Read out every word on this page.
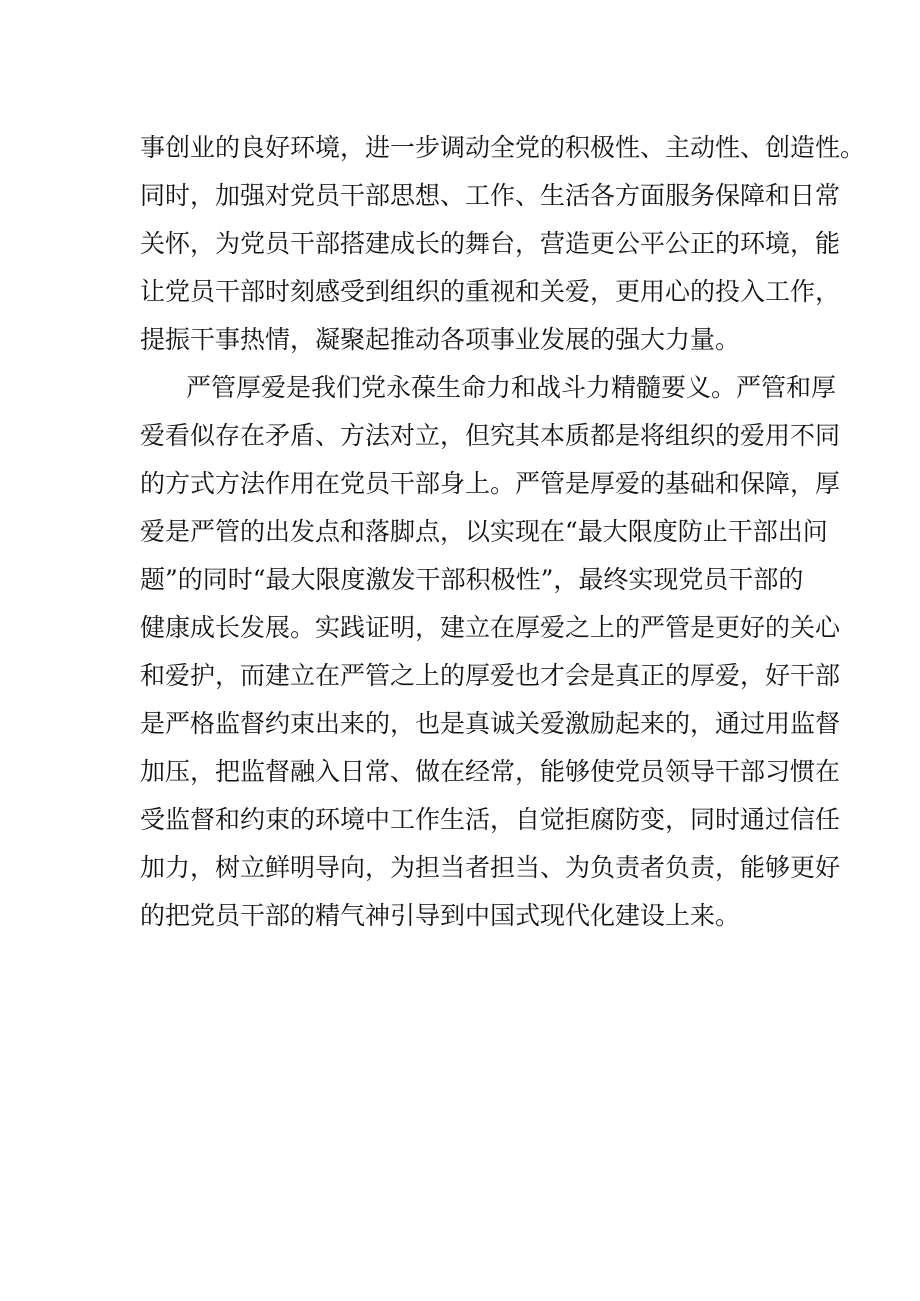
事创业的良好环境，进一步调动全党的积极性、主动性、创造性。
同时，加强对党员干部思想、工作、生活各方面服务保障和日常
关怀，为党员干部搭建成长的舞台，营造更公平公正的环境，能
让党员干部时刻感受到组织的重视和关爱，更用心的投入工作，
提振干事热情，凝聚起推动各项事业发展的强大力量。
严管厚爱是我们党永葆生命力和战斗力精髓要义。严管和厚
爱看似存在矛盾、方法对立，但究其本质都是将组织的爱用不同
的方式方法作用在党员干部身上。严管是厚爱的基础和保障，厚
爱是严管的出发点和落脚点，以实现在“最大限度防止干部出问
题”的同时“最大限度激发干部积极性”，最终实现党员干部的
健康成长发展。实践证明，建立在厚爱之上的严管是更好的关心
和爱护，而建立在严管之上的厚爱也才会是真正的厚爱，好干部
是严格监督约束出来的，也是真诚关爱激励起来的，通过用监督
加压，把监督融入日常、做在经常，能够使党员领导干部习惯在
受监督和约束的环境中工作生活，自觉拒腐防变，同时通过信任
加力，树立鲜明导向，为担当者担当、为负责者负责，能够更好
的把党员干部的精气神引导到中国式现代化建设上来。
